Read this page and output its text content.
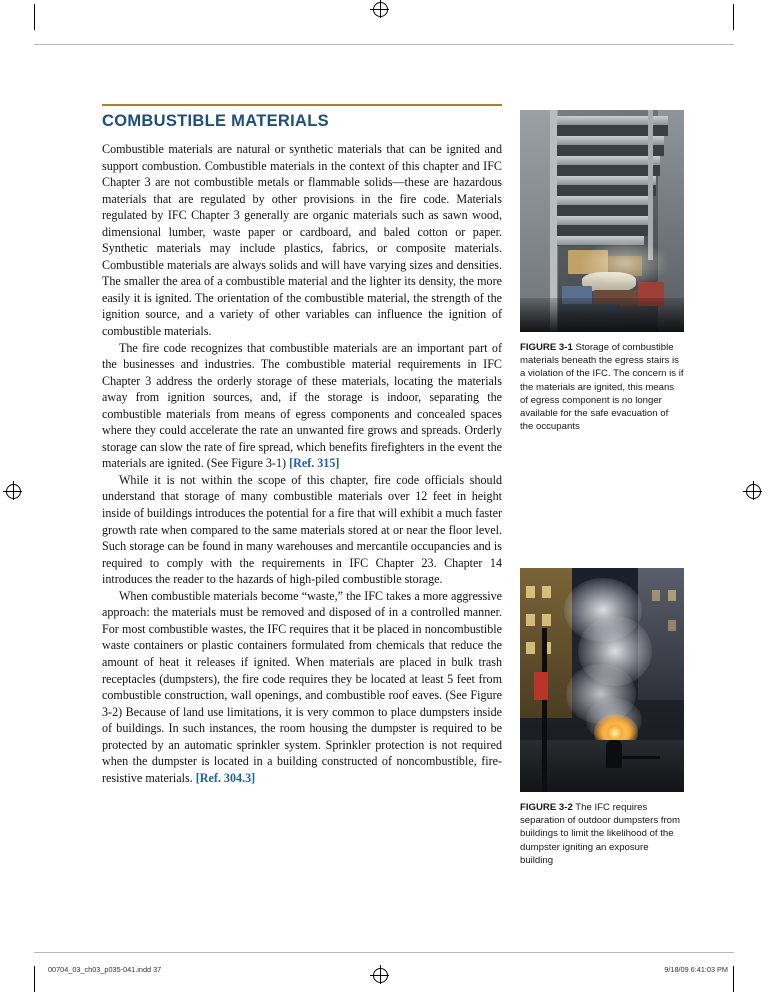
COMBUSTIBLE MATERIALS

Combustible materials are natural or synthetic materials that can be ignited and support combustion. Combustible materials in the context of this chapter and IFC Chapter 3 are not combustible metals or flammable solids—these are hazardous materials that are regulated by other provisions in the fire code. Materials regulated by IFC Chapter 3 generally are organic materials such as sawn wood, dimensional lumber, waste paper or cardboard, and baled cotton or paper. Synthetic materials may include plastics, fabrics, or composite materials. Combustible materials are always solids and will have varying sizes and densities. The smaller the area of a combustible material and the lighter its density, the more easily it is ignited. The orientation of the combustible material, the strength of the ignition source, and a variety of other variables can influence the ignition of combustible materials.

The fire code recognizes that combustible materials are an important part of the businesses and industries. The combustible material requirements in IFC Chapter 3 address the orderly storage of these materials, locating the materials away from ignition sources, and, if the storage is indoor, separating the combustible materials from means of egress components and concealed spaces where they could accelerate the rate an unwanted fire grows and spreads. Orderly storage can slow the rate of fire spread, which benefits firefighters in the event the materials are ignited. (See Figure 3-1) [Ref. 315]

While it is not within the scope of this chapter, fire code officials should understand that storage of many combustible materials over 12 feet in height inside of buildings introduces the potential for a fire that will exhibit a much faster growth rate when compared to the same materials stored at or near the floor level. Such storage can be found in many warehouses and mercantile occupancies and is required to comply with the requirements in IFC Chapter 23. Chapter 14 introduces the reader to the hazards of high-piled combustible storage.

When combustible materials become “waste,” the IFC takes a more aggressive approach: the materials must be removed and disposed of in a controlled manner. For most combustible wastes, the IFC requires that it be placed in noncombustible waste containers or plastic containers formulated from chemicals that reduce the amount of heat it releases if ignited. When materials are placed in bulk trash receptacles (dumpsters), the fire code requires they be located at least 5 feet from combustible construction, wall openings, and combustible roof eaves. (See Figure 3-2) Because of land use limitations, it is very common to place dumpsters inside of buildings. In such instances, the room housing the dumpster is required to be protected by an automatic sprinkler system. Sprinkler protection is not required when the dumpster is located in a building constructed of noncombustible, fire-resistive materials. [Ref. 304.3]

FIGURE 3-1 Storage of combustible materials beneath the egress stairs is a violation of the IFC. The concern is if the materials are ignited, this means of egress component is no longer available for the safe evacuation of the occupants
FIGURE 3-2 The IFC requires separation of outdoor dumpsters from buildings to limit the likelihood of the dumpster igniting an exposure building
00704_03_ch03_p035-041.indd 37	9/18/09 6:41:03 PM
